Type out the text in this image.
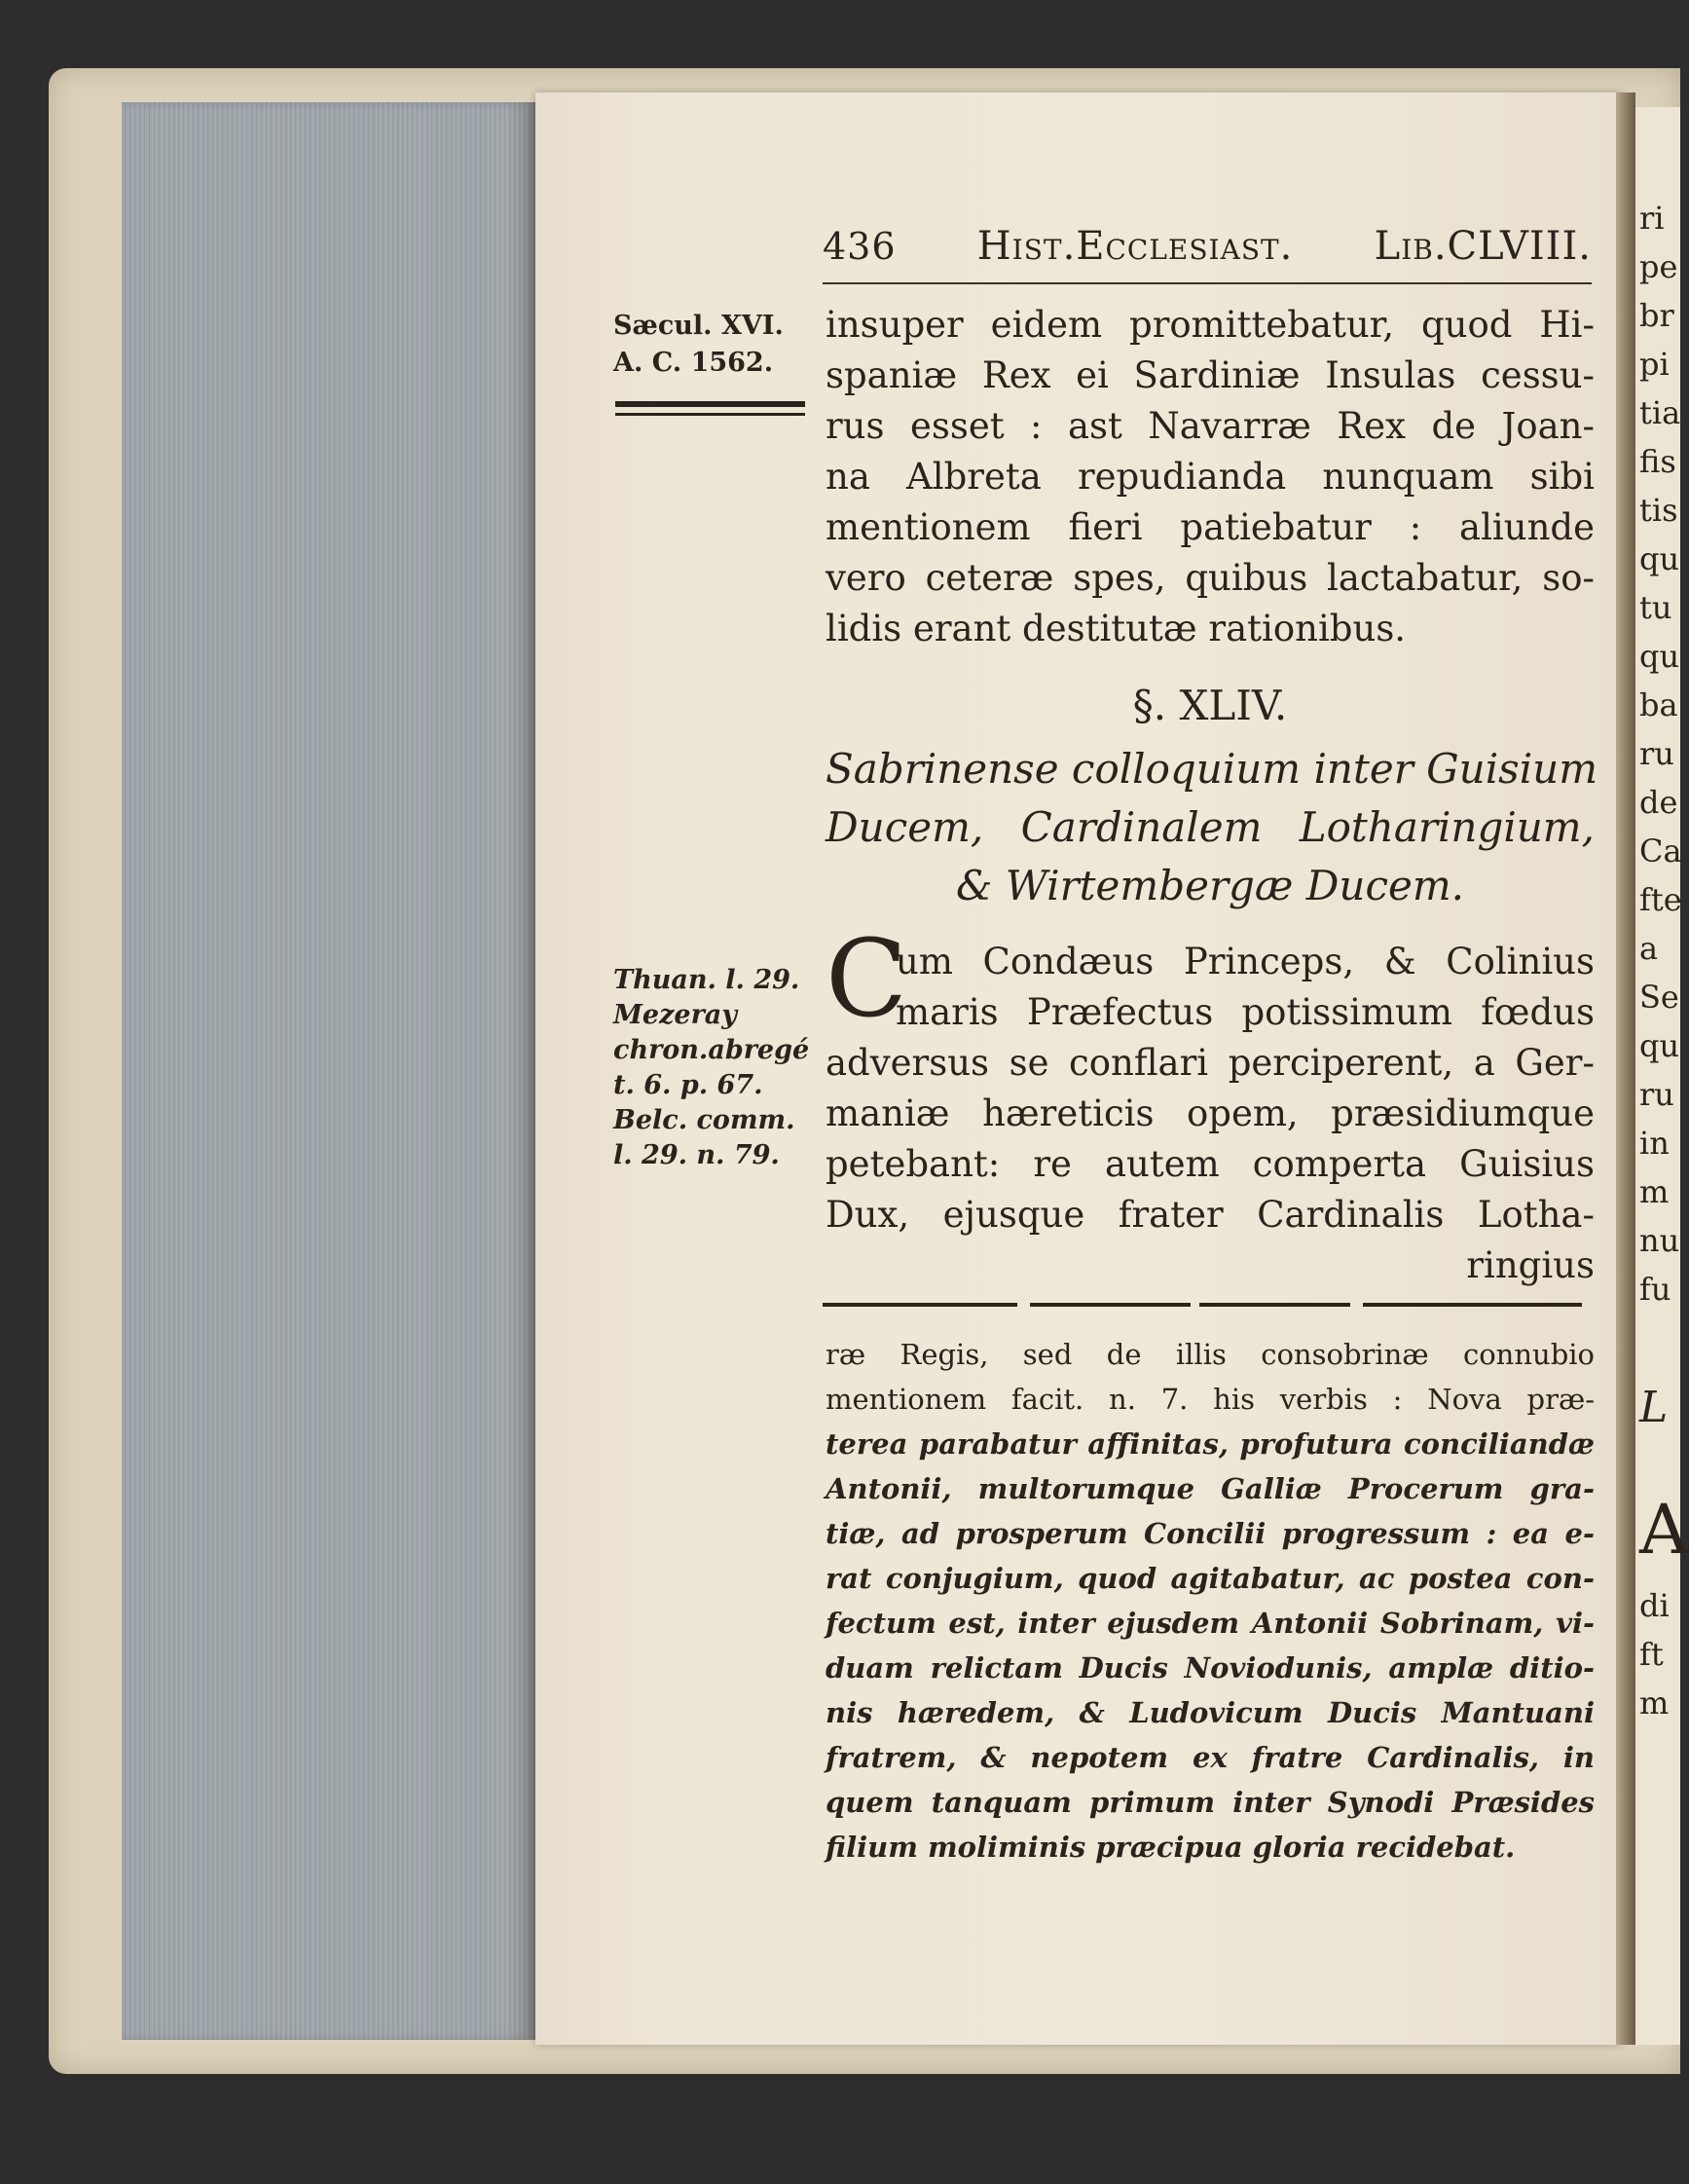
ri
pe
br
pi
tia
fis
tis
qu
tu
qu
ba
ru
de
Ca
fte
a
Se
qu
ru
in
m
nu
fu
L
A
di
ft
m
436 Hist.Ecclesiast. Lib.CLVIII.
Sæcul. XVI.
A. C. 1562.
Thuan. l. 29.
Mezeray
chron.abregé
t. 6. p. 67.
Belc. comm.
l. 29. n. 79.
insuper eidem promittebatur, quod Hi-
spaniæ Rex ei Sardiniæ Insulas cessu-
rus esset : ast Navarræ Rex de Joan-
na Albreta repudianda nunquam sibi
mentionem fieri patiebatur : aliunde
vero ceteræ spes, quibus lactabatur, so-
lidis erant destitutæ rationibus.
§. XLIV.
Sabrinense colloquium inter Guisium
Ducem, Cardinalem Lotharingium,
& Wirtembergæ Ducem.
C
um Condæus Princeps, & Colinius
maris Præfectus potissimum fœdus
adversus se conflari perciperent, a Ger-
maniæ hæreticis opem, præsidiumque
petebant: re autem comperta Guisius
Dux, ejusque frater Cardinalis Lotha-
ringius
ræ Regis, sed de illis consobrinæ connubio
mentionem facit. n. 7. his verbis : Nova præ-
terea parabatur affinitas, profutura conciliandæ
Antonii, multorumque Galliæ Procerum gra-
tiæ, ad prosperum Concilii progressum : ea e-
rat conjugium, quod agitabatur, ac postea con-
fectum est, inter ejusdem Antonii Sobrinam, vi-
duam relictam Ducis Noviodunis, amplæ ditio-
nis hæredem, & Ludovicum Ducis Mantuani
fratrem, & nepotem ex fratre Cardinalis, in
quem tanquam primum inter Synodi Præsides
filium moliminis præcipua gloria recidebat.
